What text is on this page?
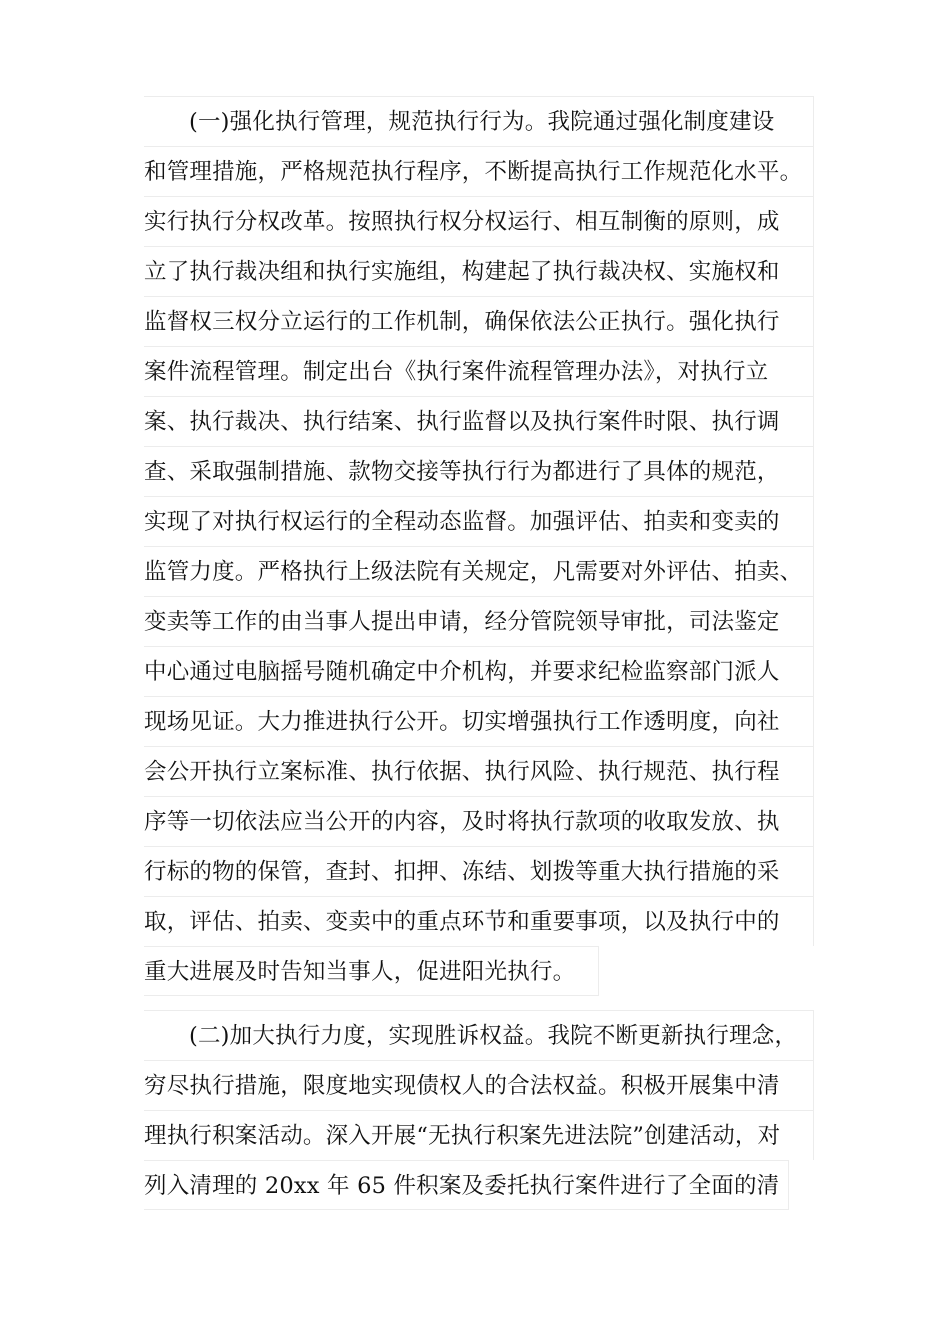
(一)强化执行管理，规范执行行为。我院通过强化制度建设
和管理措施，严格规范执行程序，不断提高执行工作规范化水平。
实行执行分权改革。按照执行权分权运行、相互制衡的原则，成
立了执行裁决组和执行实施组，构建起了执行裁决权、实施权和
监督权三权分立运行的工作机制，确保依法公正执行。强化执行
案件流程管理。制定出台《执行案件流程管理办法》，对执行立
案、执行裁决、执行结案、执行监督以及执行案件时限、执行调
查、采取强制措施、款物交接等执行行为都进行了具体的规范，
实现了对执行权运行的全程动态监督。加强评估、拍卖和变卖的
监管力度。严格执行上级法院有关规定，凡需要对外评估、拍卖、
变卖等工作的由当事人提出申请，经分管院领导审批，司法鉴定
中心通过电脑摇号随机确定中介机构，并要求纪检监察部门派人
现场见证。大力推进执行公开。切实增强执行工作透明度，向社
会公开执行立案标准、执行依据、执行风险、执行规范、执行程
序等一切依法应当公开的内容，及时将执行款项的收取发放、执
行标的物的保管，查封、扣押、冻结、划拨等重大执行措施的采
取，评估、拍卖、变卖中的重点环节和重要事项，以及执行中的
重大进展及时告知当事人，促进阳光执行。
(二)加大执行力度，实现胜诉权益。我院不断更新执行理念，
穷尽执行措施，限度地实现债权人的合法权益。积极开展集中清
理执行积案活动。深入开展“无执行积案先进法院”创建活动，对
列入清理的 20xx 年 65 件积案及委托执行案件进行了全面的清
